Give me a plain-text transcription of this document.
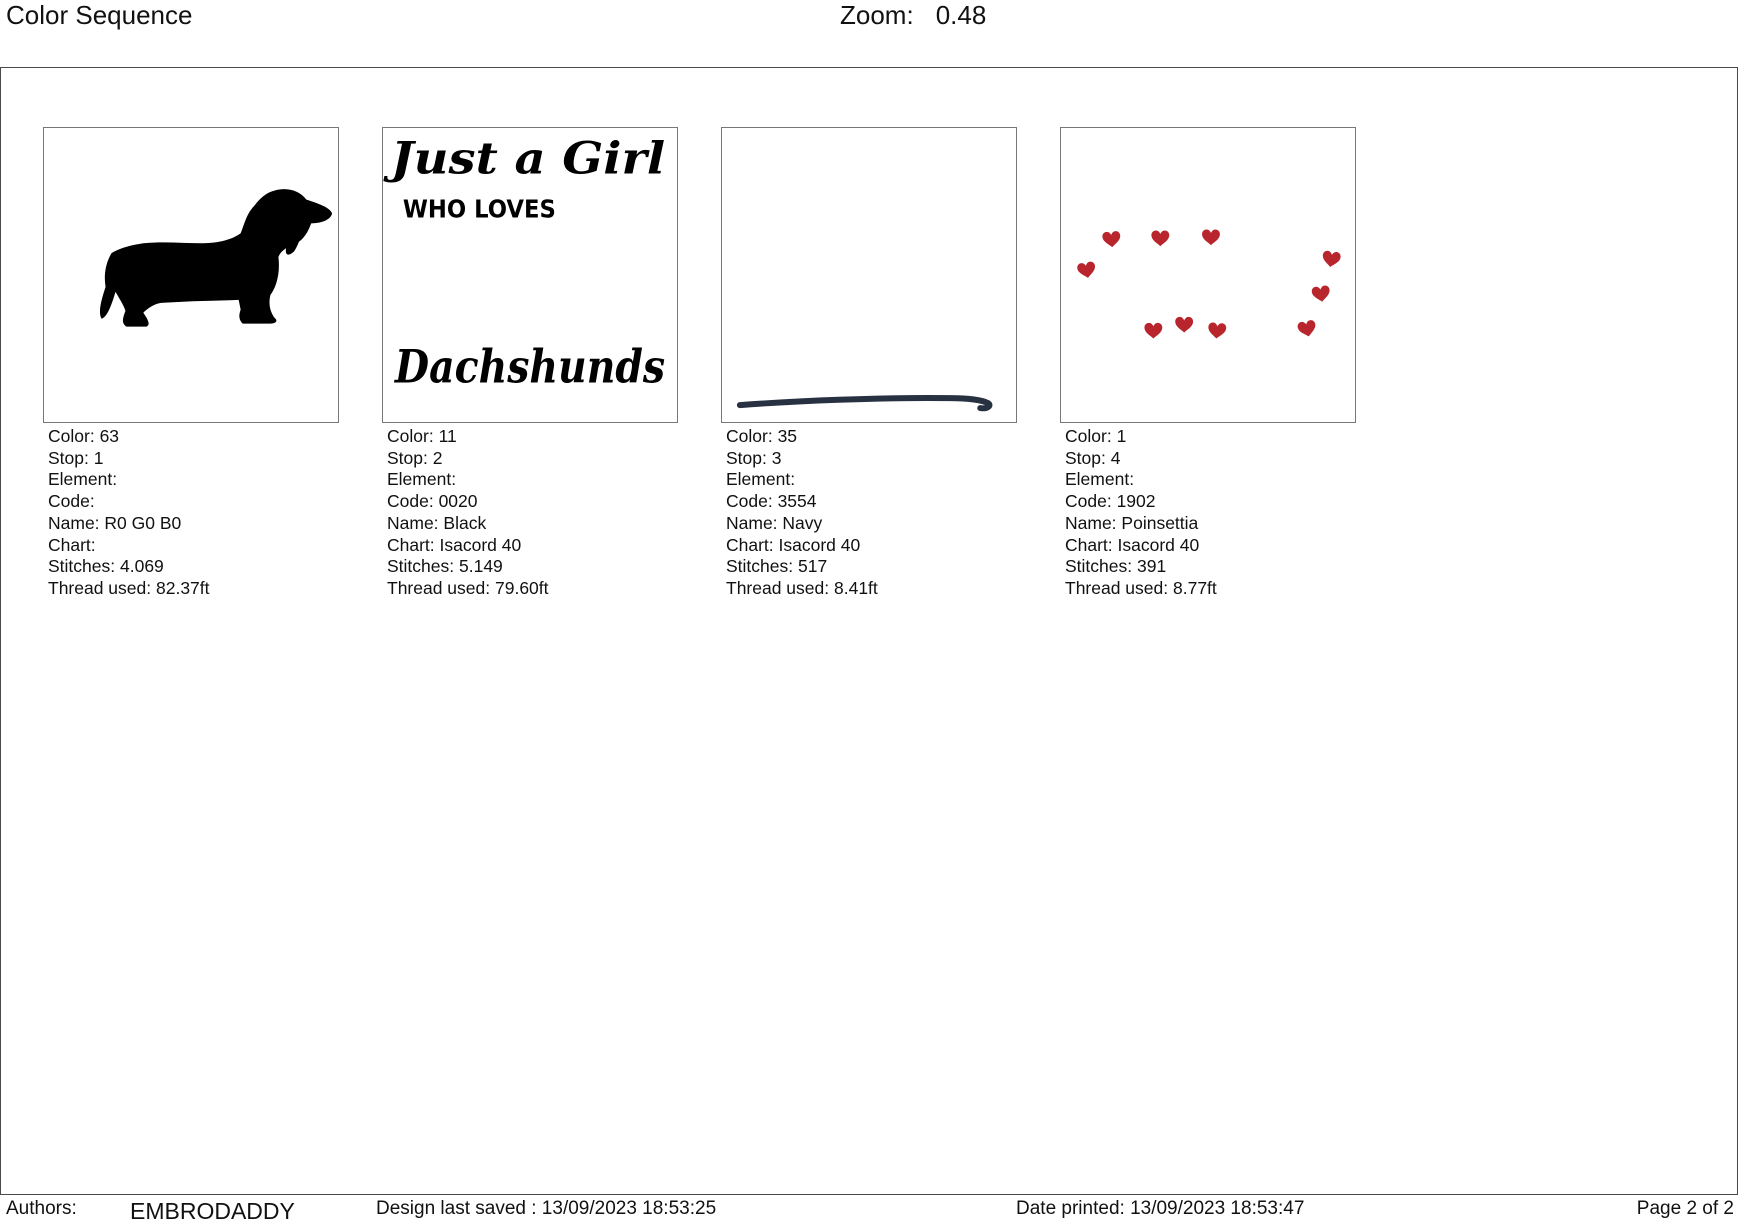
Color Sequence	Zoom: 0.48
Color: 63
Stop: 1
Element:
Code:
Name: R0 G0 B0
Chart:
Stitches: 4.069
Thread used: 82.37ft
Just a Girl
WHO LOVES
Dachshunds
Color: 11
Stop: 2
Element:
Code: 0020
Name: Black
Chart: Isacord 40
Stitches: 5.149
Thread used: 79.60ft
Color: 35
Stop: 3
Element:
Code: 3554
Name: Navy
Chart: Isacord 40
Stitches: 517
Thread used: 8.41ft
Color: 1
Stop: 4
Element:
Code: 1902
Name: Poinsettia
Chart: Isacord 40
Stitches: 391
Thread used: 8.77ft
Authors: EMBRODADDY	Design last saved : 13/09/2023 18:53:25	Date printed: 13/09/2023 18:53:47	Page 2 of 2
